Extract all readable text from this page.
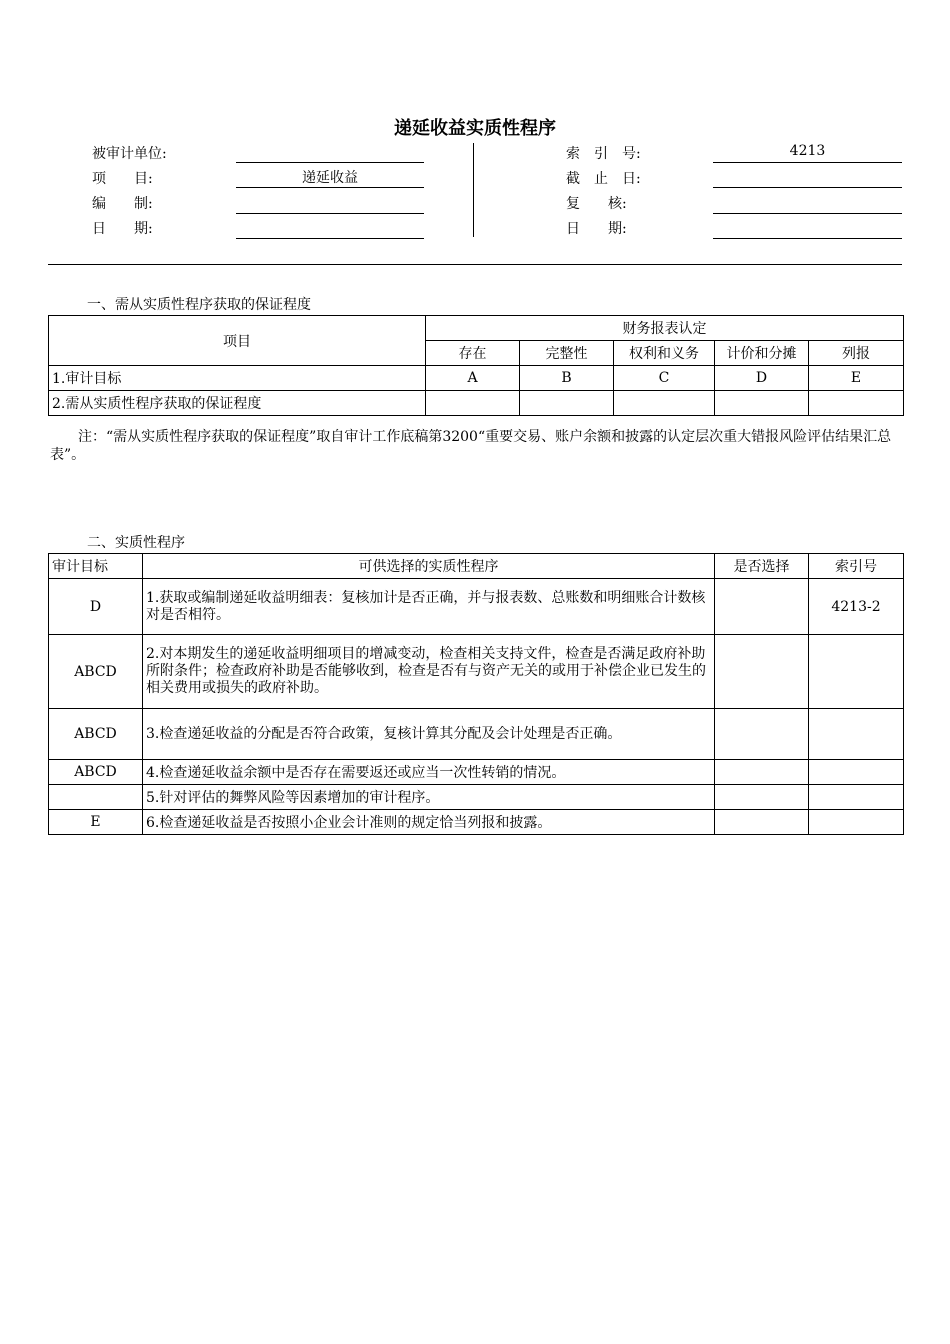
递延收益实质性程序
被审计单位:
项　　目:	递延收益
编　　制:
日　　期:
索　引　号:	4213
截　止　日:
复　　核:
日　　期:
一、需从实质性程序获取的保证程度
项目	财务报表认定				
	存在	完整性	权利和义务	计价和分摊	列报
1.审计目标	A	B	C	D	E
2.需从实质性程序获取的保证程度					
注：“需从实质性程序获取的保证程度”取自审计工作底稿第3200“重要交易、账户余额和披露的认定层次重大错报风险评估结果汇总表”。
二、实质性程序
审计目标	可供选择的实质性程序	是否选择	索引号
D	1.获取或编制递延收益明细表：复核加计是否正确，并与报表数、总账数和明细账合计数核对是否相符。		4213-2
ABCD	2.对本期发生的递延收益明细项目的增减变动，检查相关支持文件，检查是否满足政府补助所附条件；检查政府补助是否能够收到，检查是否有与资产无关的或用于补偿企业已发生的相关费用或损失的政府补助。		
ABCD	3.检查递延收益的分配是否符合政策，复核计算其分配及会计处理是否正确。		
ABCD	4.检查递延收益余额中是否存在需要返还或应当一次性转销的情况。		
	5.针对评估的舞弊风险等因素增加的审计程序。		
E	6.检查递延收益是否按照小企业会计准则的规定恰当列报和披露。		
